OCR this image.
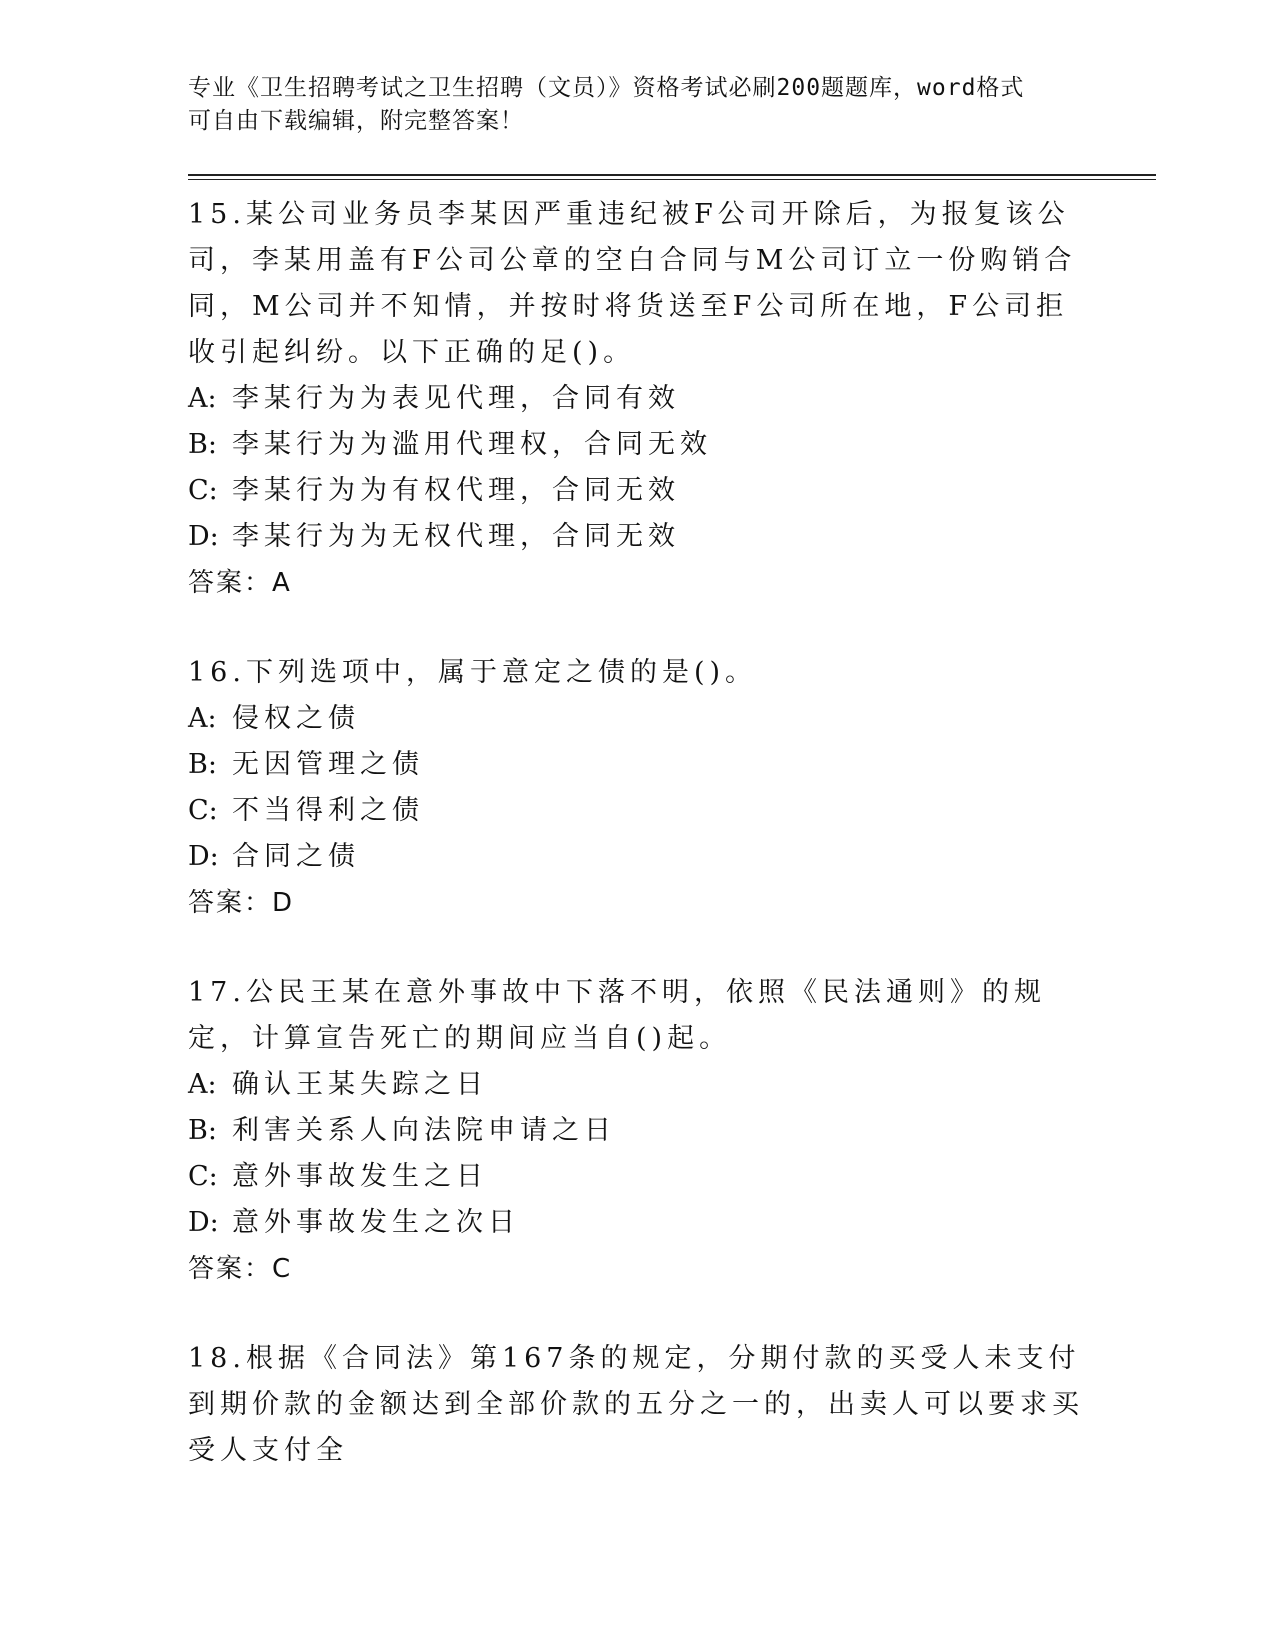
专业《卫生招聘考试之卫生招聘（文员）》资格考试必刷200题题库，word格式
可自由下载编辑，附完整答案！

15.某公司业务员李某因严重违纪被F公司开除后，为报复该公司，李某用盖有F公司公章的空白合同与M公司订立一份购销合同，M公司并不知情，并按时将货送至F公司所在地，F公司拒收引起纠纷。以下正确的足()。

A: 李某行为为表见代理，合同有效

B: 李某行为为滥用代理权，合同无效

C: 李某行为为有权代理，合同无效

D: 李某行为为无权代理，合同无效

答案：A

16.下列选项中，属于意定之债的是()。

A: 侵权之债

B: 无因管理之债

C: 不当得利之债

D: 合同之债

答案：D

17.公民王某在意外事故中下落不明，依照《民法通则》的规定，计算宣告死亡的期间应当自()起。

A: 确认王某失踪之日

B: 利害关系人向法院申请之日

C: 意外事故发生之日

D: 意外事故发生之次日

答案：C

18.根据《合同法》第167条的规定，分期付款的买受人未支付到期价款的金额达到全部价款的五分之一的，出卖人可以要求买受人支付全
